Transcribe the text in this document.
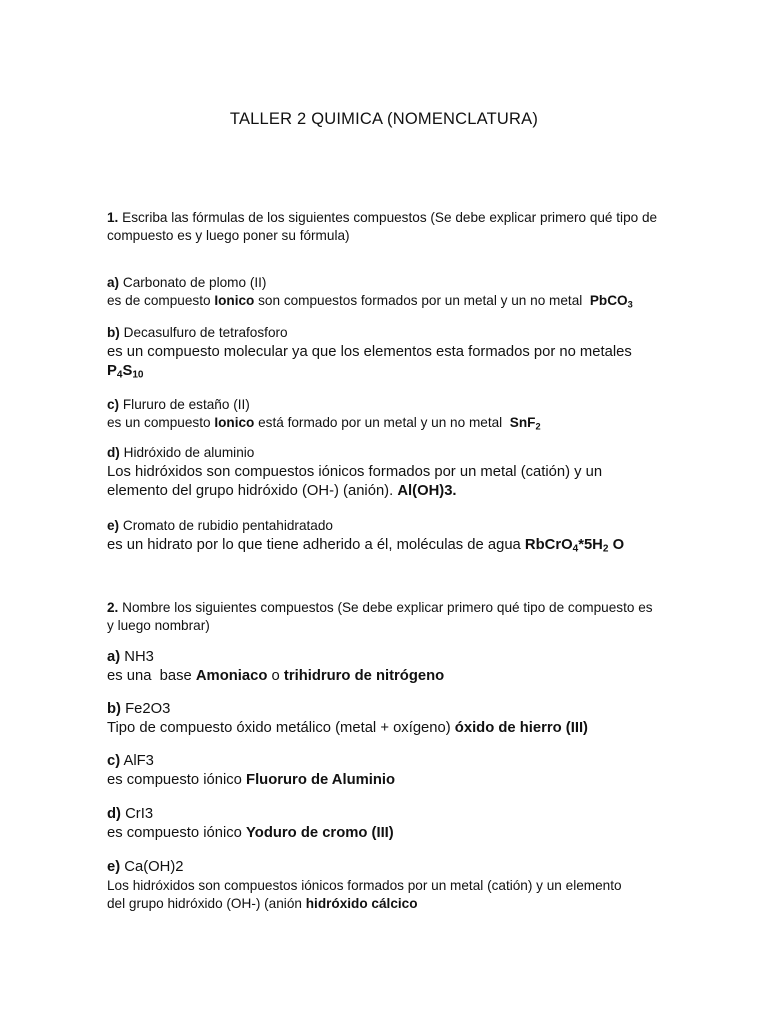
TALLER 2 QUIMICA (NOMENCLATURA)
1. Escriba las fórmulas de los siguientes compuestos (Se debe explicar primero qué tipo de compuesto es y luego poner su fórmula)
a) Carbonato de plomo (II)
es de compuesto Ionico son compuestos formados por un metal y un no metal PbCO$_3$
b) Decasulfuro de tetrafosforo
es un compuesto molecular ya que los elementos esta formados por no metales
$P_4S_{10}$
c) Flururo de estaño (II)
es un compuesto Ionico está formado por un metal y un no metal SnF$_2$
d) Hidróxido de aluminio
Los hidróxidos son compuestos iónicos formados por un metal (catión) y un
elemento del grupo hidróxido (OH-) (anión). Al(OH)3.
e) Cromato de rubidio pentahidratado
es un hidrato por lo que tiene adherido a él, moléculas de agua $RbCrO_4*5H_2$ O
2. Nombre los siguientes compuestos (Se debe explicar primero qué tipo de compuesto es
y luego nombrar)
a) NH3
es una  base Amoniaco o trihidruro de nitrógeno
b) Fe2O3
Tipo de compuesto óxido metálico (metal + oxígeno) óxido de hierro (III)
c) AlF3
es compuesto iónico Fluoruro de Aluminio
d) CrI3
es compuesto iónico Yoduro de cromo (III)
e) Ca(OH)2
Los hidróxidos son compuestos iónicos formados por un metal (catión) y un elemento
del grupo hidróxido (OH-) (anión hidróxido cálcico
